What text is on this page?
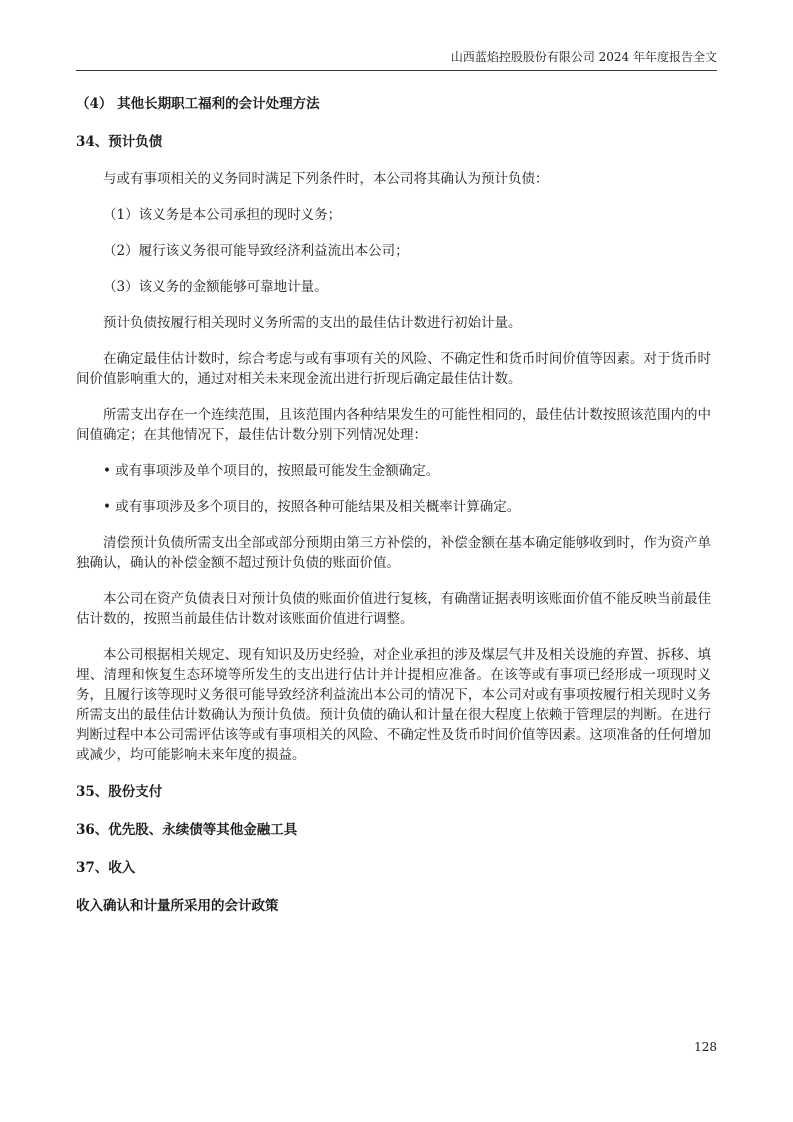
山西蓝焰控股股份有限公司 2024 年年度报告全文
（4） 其他长期职工福利的会计处理方法
34、预计负债
与或有事项相关的义务同时满足下列条件时，本公司将其确认为预计负债：
（1）该义务是本公司承担的现时义务；
（2）履行该义务很可能导致经济利益流出本公司；
（3）该义务的金额能够可靠地计量。
预计负债按履行相关现时义务所需的支出的最佳估计数进行初始计量。
在确定最佳估计数时，综合考虑与或有事项有关的风险、不确定性和货币时间价值等因素。对于货币时间价值影响重大的，通过对相关未来现金流出进行折现后确定最佳估计数。
所需支出存在一个连续范围，且该范围内各种结果发生的可能性相同的，最佳估计数按照该范围内的中间值确定；在其他情况下，最佳估计数分别下列情况处理：
• 或有事项涉及单个项目的，按照最可能发生金额确定。
• 或有事项涉及多个项目的，按照各种可能结果及相关概率计算确定。
清偿预计负债所需支出全部或部分预期由第三方补偿的，补偿金额在基本确定能够收到时，作为资产单独确认，确认的补偿金额不超过预计负债的账面价值。
本公司在资产负债表日对预计负债的账面价值进行复核，有确凿证据表明该账面价值不能反映当前最佳估计数的，按照当前最佳估计数对该账面价值进行调整。
本公司根据相关规定、现有知识及历史经验，对企业承担的涉及煤层气井及相关设施的弃置、拆移、填埋、清理和恢复生态环境等所发生的支出进行估计并计提相应准备。在该等或有事项已经形成一项现时义务，且履行该等现时义务很可能导致经济利益流出本公司的情况下，本公司对或有事项按履行相关现时义务所需支出的最佳估计数确认为预计负债。预计负债的确认和计量在很大程度上依赖于管理层的判断。在进行判断过程中本公司需评估该等或有事项相关的风险、不确定性及货币时间价值等因素。这项准备的任何增加或减少，均可能影响未来年度的损益。
35、股份支付
36、优先股、永续债等其他金融工具
37、收入
收入确认和计量所采用的会计政策
128
